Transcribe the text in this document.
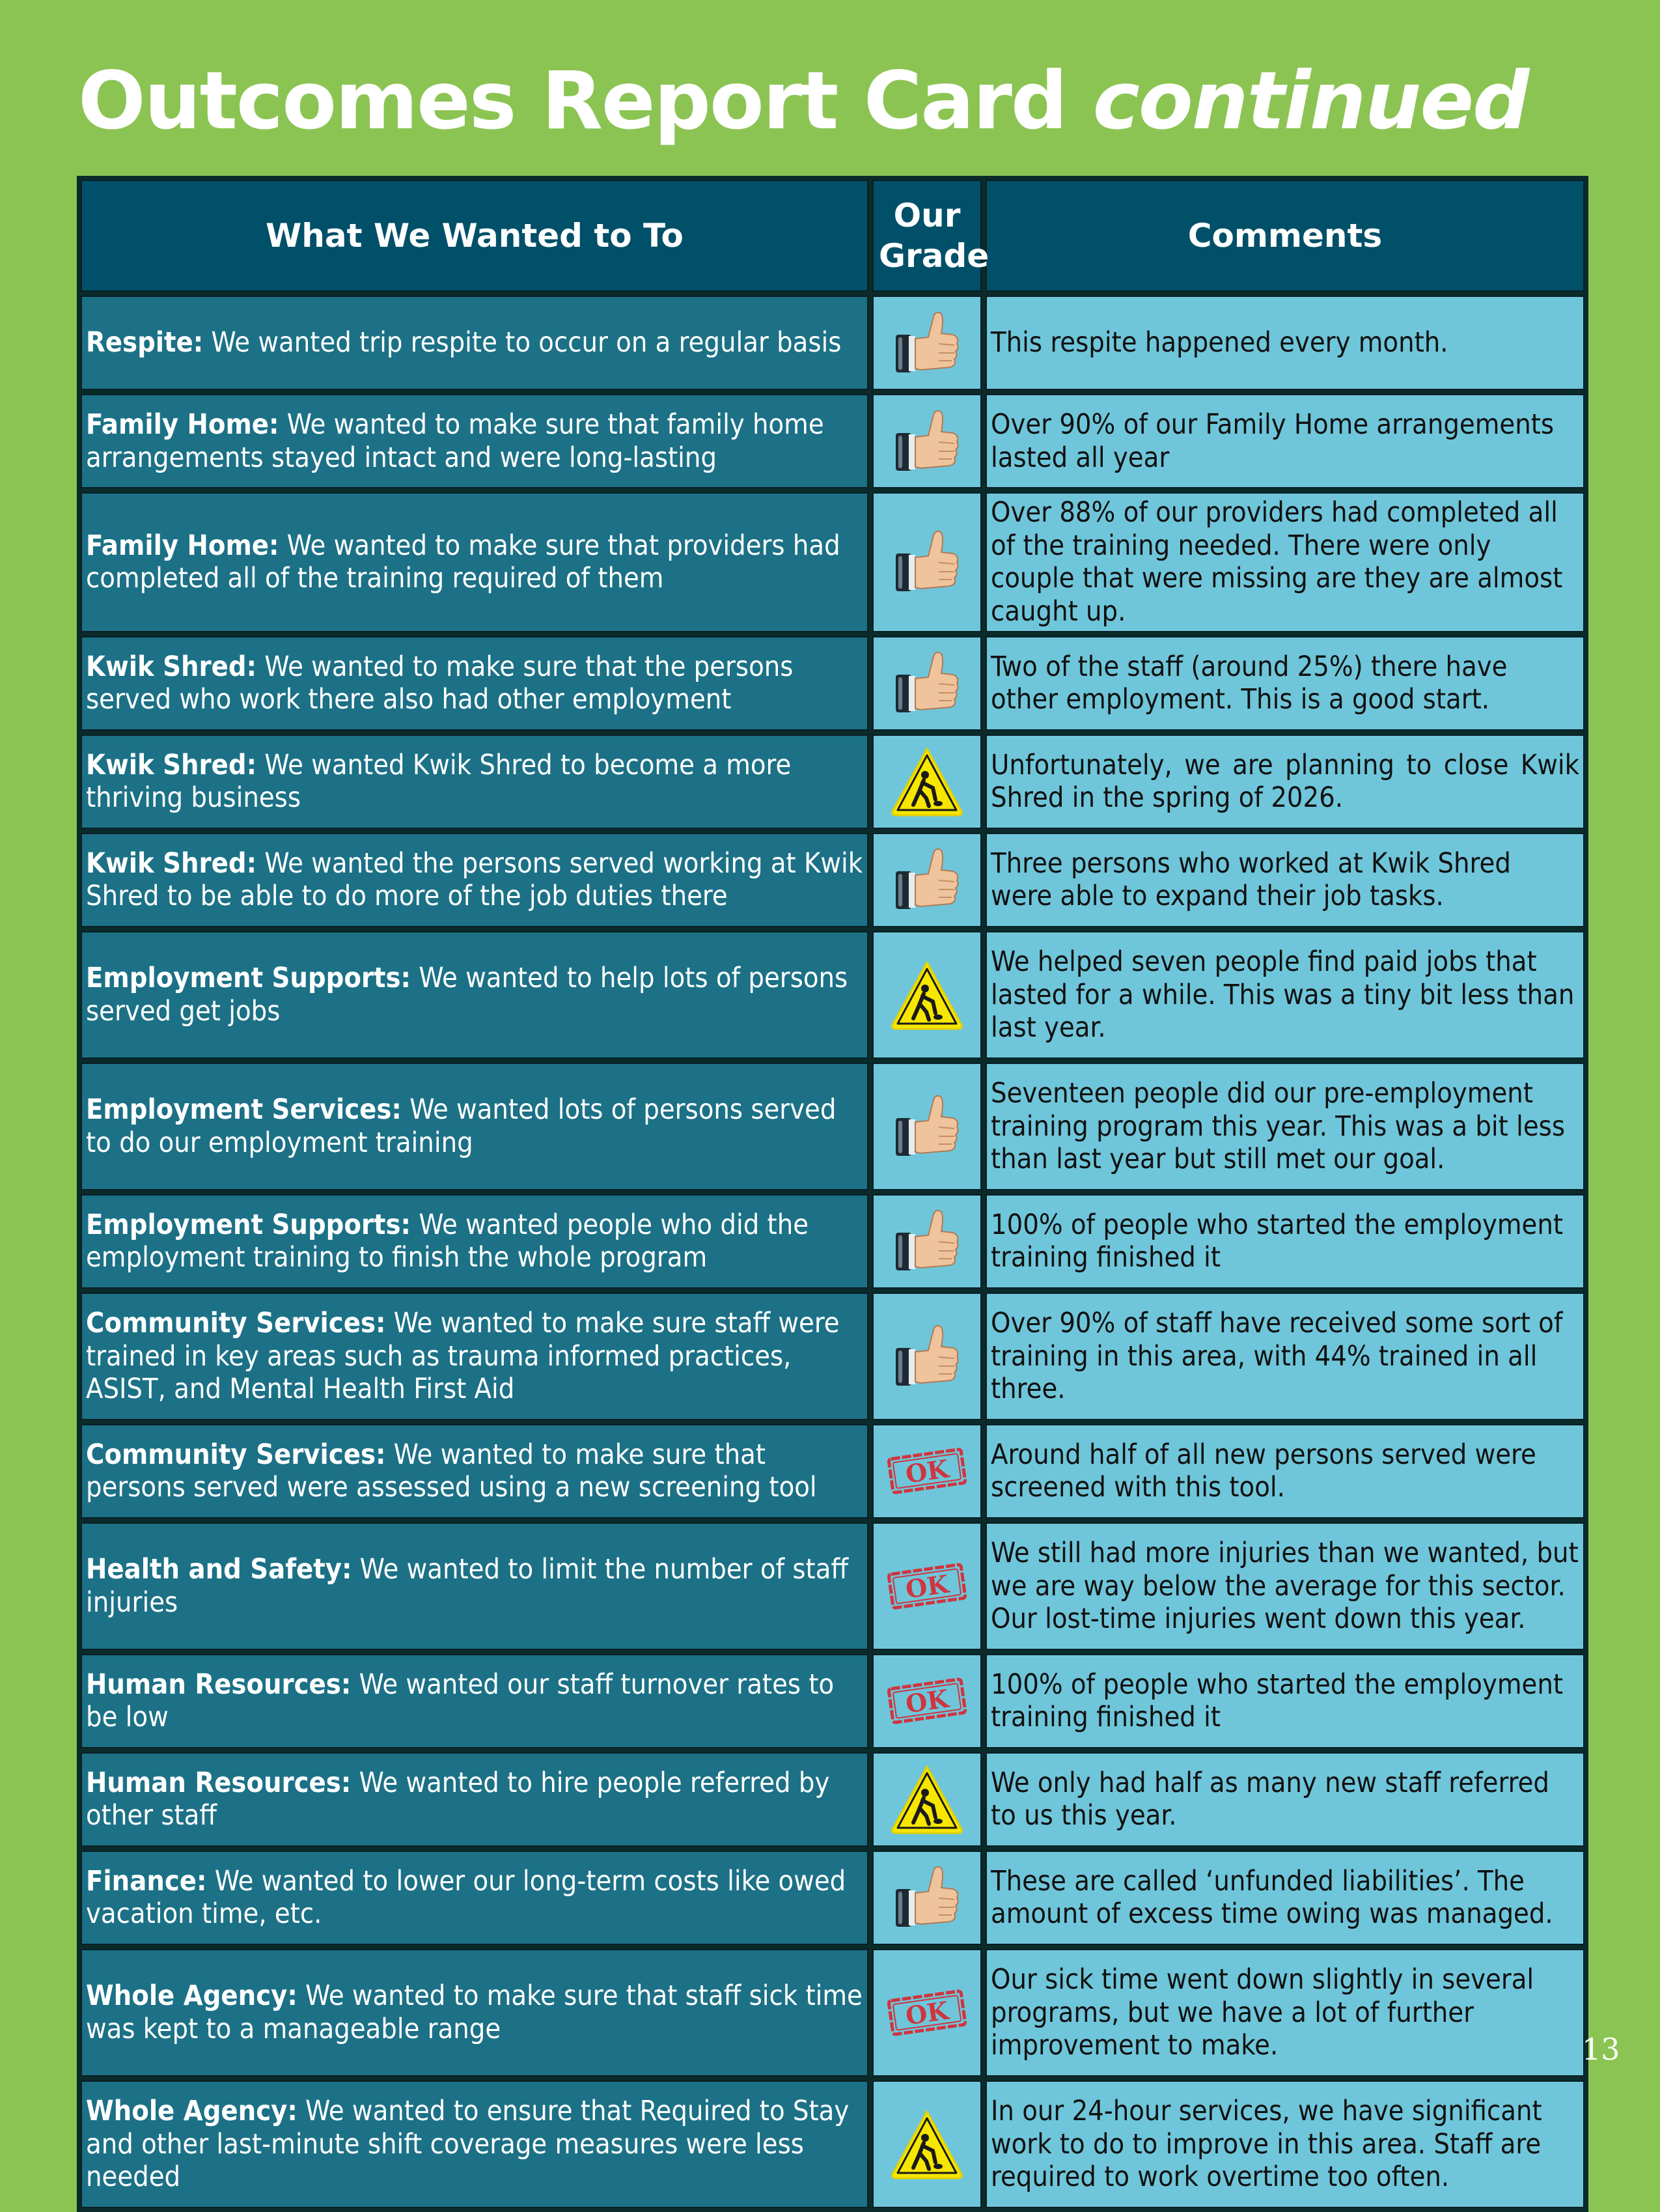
Outcomes Report Card continued
What We Wanted to To	Our Grade	Comments
Respite: We wanted trip respite to occur on a regular basis		This respite happened every month.
Family Home: We wanted to make sure that family home arrangements stayed intact and were long-lasting		Over 90% of our Family Home arrangements lasted all year
Family Home: We wanted to make sure that providers had completed all of the training required of them		Over 88% of our providers had completed all of the training needed. There were only couple that were missing are they are almost caught up.
Kwik Shred: We wanted to make sure that the persons served who work there also had other employment		Two of the staff (around 25%) there have other employment. This is a good start.
Kwik Shred: We wanted Kwik Shred to become a more thriving business		Unfortunately, we are planning to close Kwik Shred in the spring of 2026.
Kwik Shred: We wanted the persons served working at Kwik Shred to be able to do more of the job duties there		Three persons who worked at Kwik Shred were able to expand their job tasks.
Employment Supports: We wanted to help lots of persons served get jobs		We helped seven people find paid jobs that lasted for a while. This was a tiny bit less than last year.
Employment Services: We wanted lots of persons served to do our employment training		Seventeen people did our pre-employment training program this year. This was a bit less than last year but still met our goal.
Employment Supports: We wanted people who did the employment training to finish the whole program		100% of people who started the employment training finished it
Community Services: We wanted to make sure staff were trained in key areas such as trauma informed practices, ASIST, and Mental Health First Aid		Over 90% of staff have received some sort of training in this area, with 44% trained in all three.
Community Services: We wanted to make sure that persons served were assessed using a new screening tool	OK	Around half of all new persons served were screened with this tool.
Health and Safety: We wanted to limit the number of staff injuries	OK	We still had more injuries than we wanted, but we are way below the average for this sector. Our lost-time injuries went down this year.
Human Resources: We wanted our staff turnover rates to be low	OK	100% of people who started the employment training finished it
Human Resources: We wanted to hire people referred by other staff		We only had half as many new staff referred to us this year.
Finance: We wanted to lower our long-term costs like owed vacation time, etc.		These are called ‘unfunded liabilities’. The amount of excess time owing was managed.
Whole Agency: We wanted to make sure that staff sick time was kept to a manageable range	OK	Our sick time went down slightly in several programs, but we have a lot of further improvement to make.
Whole Agency: We wanted to ensure that Required to Stay and other last-minute shift coverage measures were less needed		In our 24-hour services, we have significant work to do to improve in this area. Staff are required to work overtime too often.
13
